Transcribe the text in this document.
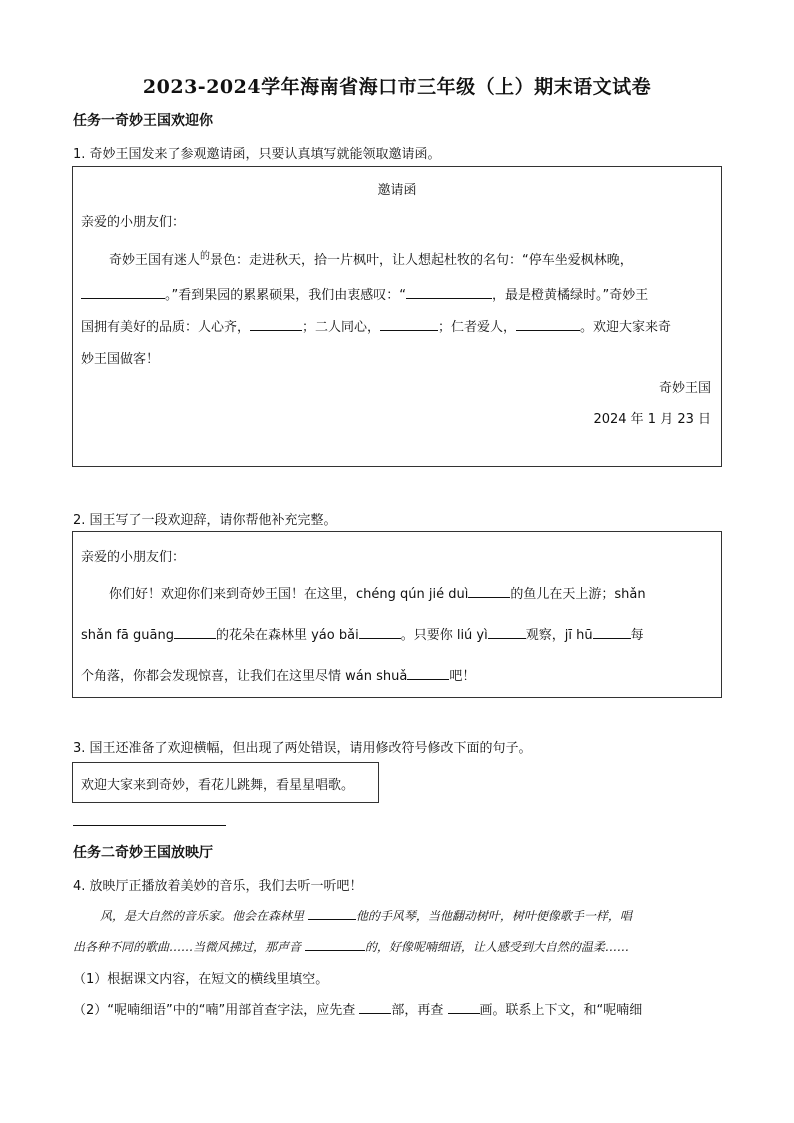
2023-2024学年海南省海口市三年级（上）期末语文试卷
任务一奇妙王国欢迎你
1. 奇妙王国发来了参观邀请函，只要认真填写就能领取邀请函。
邀请函
亲爱的小朋友们：
奇妙王国有迷人$^的$景色：走进秋天，拾一片枫叶，让人想起杜牧的名句：“停车坐爱枫林晚，
。”看到果园的累累硕果，我们由衷感叹：“	，最是橙黄橘绿时。”奇妙王
国拥有美好的品质：人心齐，	；二人同心，	；仁者爱人，	。欢迎大家来奇
妙王国做客！
奇妙王国
2024 年 1 月 23 日
2. 国王写了一段欢迎辞，请你帮他补充完整。
亲爱的小朋友们：
你们好！欢迎你们来到奇妙王国！在这里，chéng qún jié duì	的鱼儿在天上游；shǎn
shǎn fā guāng	的花朵在森林里 yáo bǎi	。只要你 liú yì	观察，jī hū	每
个角落，你都会发现惊喜，让我们在这里尽情 wán shuǎ	吧！
3. 国王还准备了欢迎横幅，但出现了两处错误，请用修改符号修改下面的句子。
欢迎大家来到奇妙，看花儿跳舞，看星星唱歌。
任务二奇妙王国放映厅
4. 放映厅正播放着美妙的音乐，我们去听一听吧！
风，是大自然的音乐家。他会在森林里	他的手风琴，当他翻动树叶，树叶便像歌手一样，唱
出各种不同的歌曲……当微风拂过，那声音	的，好像呢喃细语，让人感受到大自然的温柔……
（1）根据课文内容，在短文的横线里填空。
（2）“呢喃细语”中的“喃”用部首查字法，应先查	部，再查	画。联系上下文，和“呢喃细
